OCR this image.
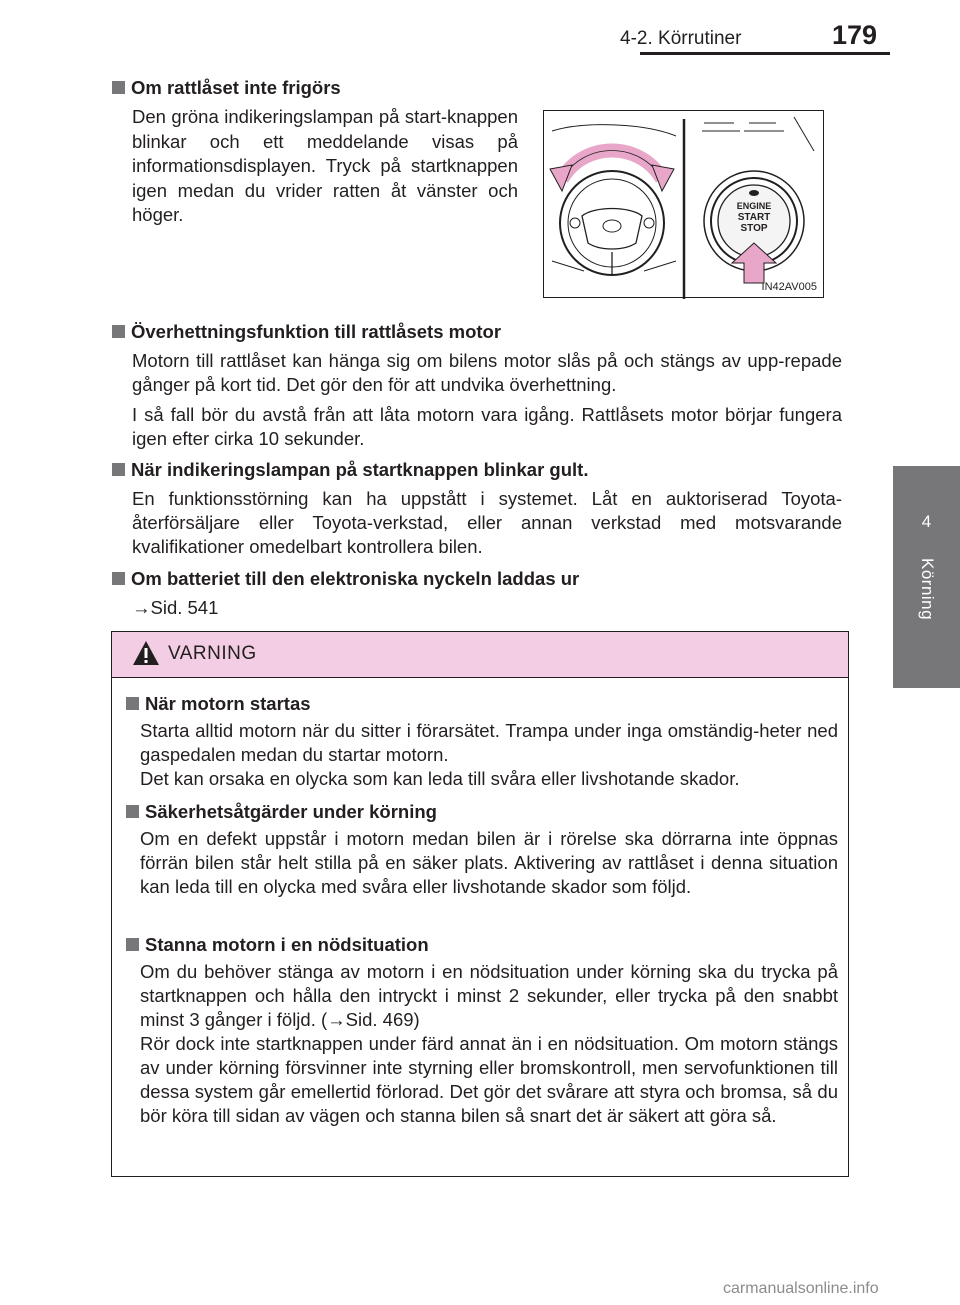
4-2. Körrutiner	179
4
Körning
Om rattlåset inte frigörs
Den gröna indikeringslampan på start-knappen blinkar och ett meddelande visas på informationsdisplayen. Tryck på startknappen igen medan du vrider ratten åt vänster och höger.	ENGINE
START
STOP
IN42AV005
Överhettningsfunktion till rattlåsets motor
Motorn till rattlåset kan hänga sig om bilens motor slås på och stängs av upp-repade gånger på kort tid. Det gör den för att undvika överhettning.
I så fall bör du avstå från att låta motorn vara igång. Rattlåsets motor börjar fungera igen efter cirka 10 sekunder.
När indikeringslampan på startknappen blinkar gult.
En funktionsstörning kan ha uppstått i systemet. Låt en auktoriserad Toyota-återförsäljare eller Toyota-verkstad, eller annan verkstad med motsvarande kvalifikationer omedelbart kontrollera bilen.
Om batteriet till den elektroniska nyckeln laddas ur
→Sid. 541
VARNING
När motorn startas
Starta alltid motorn när du sitter i förarsätet. Trampa under inga omständig-heter ned gaspedalen medan du startar motorn.
Det kan orsaka en olycka som kan leda till svåra eller livshotande skador.
Säkerhetsåtgärder under körning
Om en defekt uppstår i motorn medan bilen är i rörelse ska dörrarna inte öppnas förrän bilen står helt stilla på en säker plats. Aktivering av rattlåset i denna situation kan leda till en olycka med svåra eller livshotande skador som följd.
Stanna motorn i en nödsituation
Om du behöver stänga av motorn i en nödsituation under körning ska du trycka på startknappen och hålla den intryckt i minst 2 sekunder, eller trycka på den snabbt minst 3 gånger i följd. (→Sid. 469)
Rör dock inte startknappen under färd annat än i en nödsituation. Om motorn stängs av under körning försvinner inte styrning eller bromskontroll, men servofunktionen till dessa system går emellertid förlorad. Det gör det svårare att styra och bromsa, så du bör köra till sidan av vägen och stanna bilen så snart det är säkert att göra så.
carmanualsonline.info
